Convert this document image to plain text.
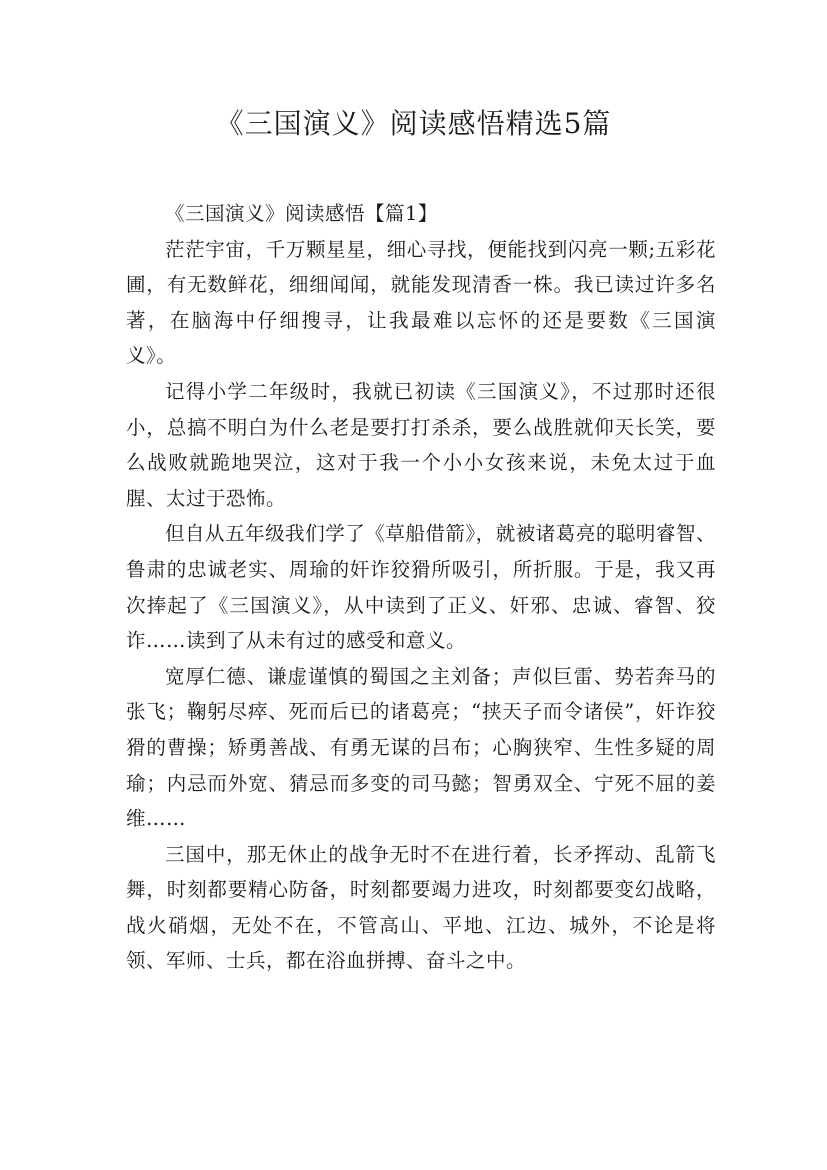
《三国演义》阅读感悟精选5篇

《三国演义》阅读感悟【篇1】

茫茫宇宙，千万颗星星，细心寻找，便能找到闪亮一颗;五彩花圃，有无数鲜花，细细闻闻，就能发现清香一株。我已读过许多名著，在脑海中仔细搜寻，让我最难以忘怀的还是要数《三国演义》。

记得小学二年级时，我就已初读《三国演义》，不过那时还很小，总搞不明白为什么老是要打打杀杀，要么战胜就仰天长笑，要么战败就跪地哭泣，这对于我一个小小女孩来说，未免太过于血腥、太过于恐怖。

但自从五年级我们学了《草船借箭》，就被诸葛亮的聪明睿智、鲁肃的忠诚老实、周瑜的奸诈狡猾所吸引，所折服。于是，我又再次捧起了《三国演义》，从中读到了正义、奸邪、忠诚、睿智、狡诈……读到了从未有过的感受和意义。

宽厚仁德、谦虚谨慎的蜀国之主刘备；声似巨雷、势若奔马的张飞；鞠躬尽瘁、死而后已的诸葛亮；“挟天子而令诸侯”，奸诈狡猾的曹操；矫勇善战、有勇无谋的吕布；心胸狭窄、生性多疑的周瑜；内忌而外宽、猜忌而多变的司马懿；智勇双全、宁死不屈的姜维……

三国中，那无休止的战争无时不在进行着，长矛挥动、乱箭飞舞，时刻都要精心防备，时刻都要竭力进攻，时刻都要变幻战略，战火硝烟，无处不在，不管高山、平地、江边、城外，不论是将领、军师、士兵，都在浴血拼搏、奋斗之中。
